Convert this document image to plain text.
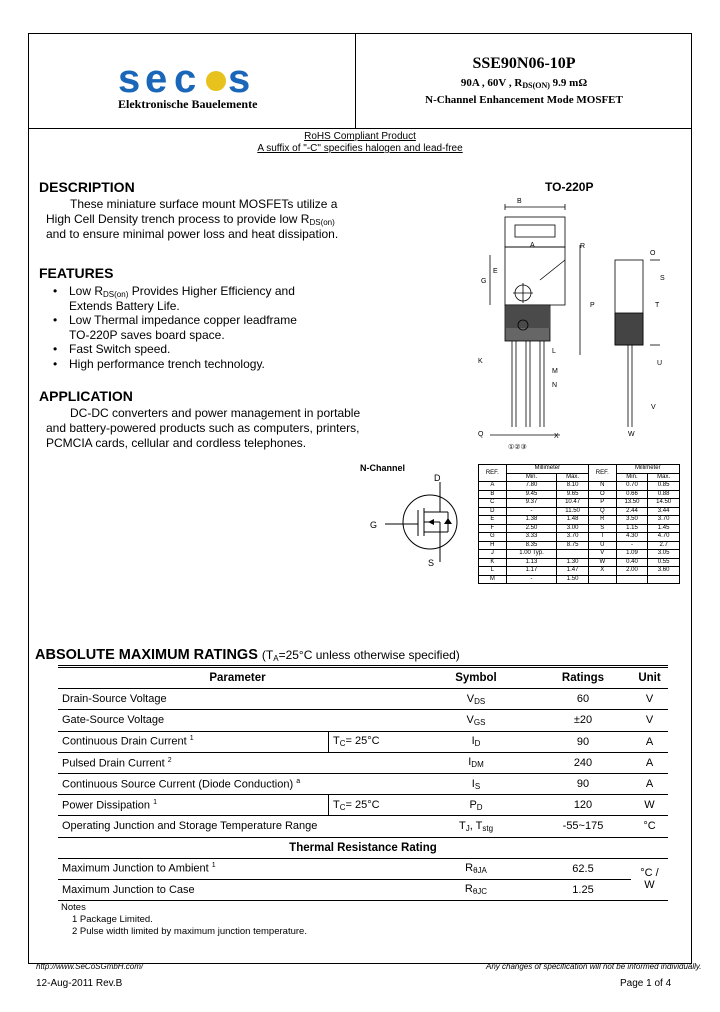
s e c s
Elektronische Bauelemente
SSE90N06-10P
90A , 60V , $R_{DS(ON)}$ 9.9 mΩ
N-Channel Enhancement Mode MOSFET
RoHS Compliant Product
A suffix of "-C" specifies halogen and lead-free
DESCRIPTION
These miniature surface mount MOSFETs utilize a
High Cell Density trench process to provide low $R_{DS(on)}$
and to ensure minimal power loss and heat dissipation.
FEATURES
• Low $R_{DS(on)}$ Provides Higher Efficiency and
Extends Battery Life.
• Low Thermal impedance copper leadframe
TO-220P saves board space.
• Fast Switch speed.
• High performance trench technology.
APPLICATION
DC-DC converters and power management in portable
and battery-powered products such as computers, printers,
PCMCIA cards, cellular and cordless telephones.
TO-220P
B
A
E
G
R
P
O
S
T
K
N
M
Q	X
U
V
W
L
①②③
N-Channel
D
G
S
REF.	Millimeter		REF.	Millimeter	
	Min.	Max.		Min.	Max.
A	7.80	8.10	N	0.70	0.85
B	9.45	9.65	O	0.66	0.88
C	9.37	10.47	P	13.50	14.50
D	-	11.50	Q	2.44	3.44
E	1.38	1.48	R	3.50	3.70
F	2.50	3.00	S	1.15	1.45
G	3.33	3.70	T	4.30	4.70
H	8.35	8.75	U	-	2.7
J	1.00 Typ.		V	1.09	3.05
K	1.13	1.30	W	0.40	0.55
L	1.17	1.47	X	2.00	3.60
M	-	1.50			
ABSOLUTE MAXIMUM RATINGS ($T_A=25^\circ C$ unless otherwise specified)
Parameter		Symbol	Ratings	Unit
Drain-Source Voltage		$V_{DS}$	60	V
Gate-Source Voltage		$V_{GS}$	±20	V
Continuous Drain Current $^1$	$T_C= 25^\circ C$	$I_D$	90	A
Pulsed Drain Current $^2$		$I_{DM}$	240	A
Continuous Source Current (Diode Conduction) $^a$		$I_S$	90	A
Power Dissipation $^1$	$T_C= 25^\circ C$	$P_D$	120	W
Operating Junction and Storage Temperature Range		$T_J$, $T_{stg}$	-55~175	°C
Thermal Resistance Rating				
Maximum Junction to Ambient $^1$		$R_{\theta JA}$	62.5	°C / W
Maximum Junction to Case		$R_{\theta JC}$	1.25	

Notes
1 Package Limited.
2 Pulse width limited by maximum junction temperature.
http://www.SeCoSGmbH.com/	Any changes of specification will not be informed individually.
12-Aug-2011 Rev.B	Page 1 of 4
